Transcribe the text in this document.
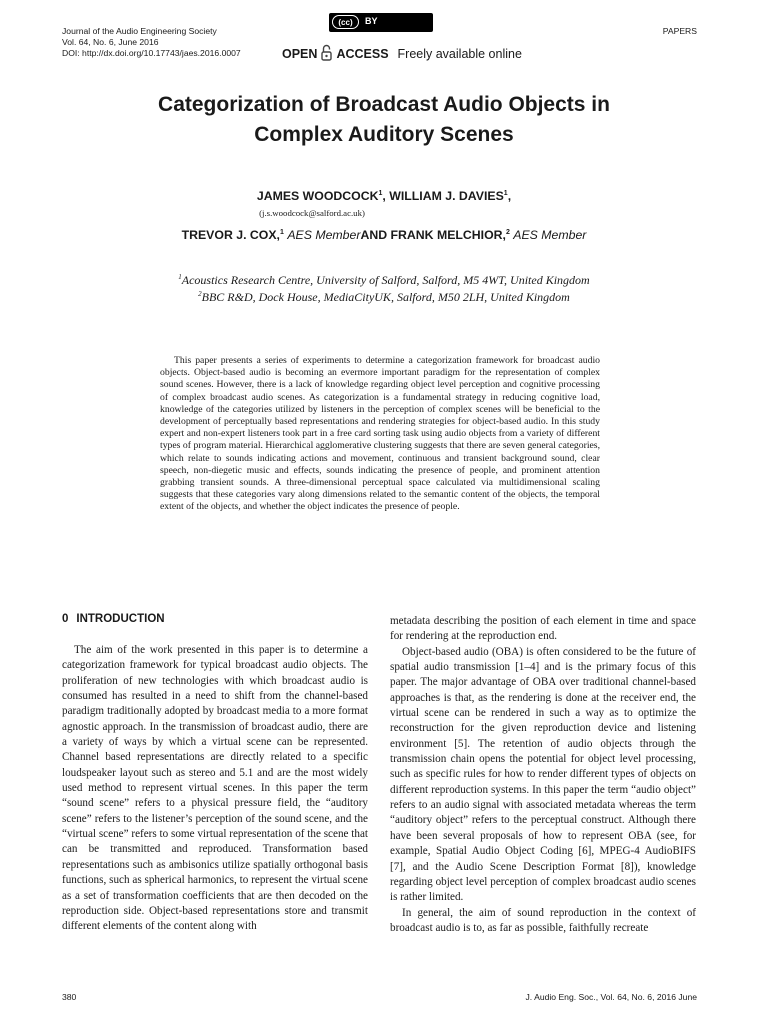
Journal of the Audio Engineering Society
Vol. 64, No. 6, June 2016
DOI: http://dx.doi.org/10.17743/jaes.2016.0007
(cc)	BY
OPEN ACCESS Freely available online
PAPERS
Categorization of Broadcast Audio Objects in
Complex Auditory Scenes
JAMES WOODCOCK$^1$, WILLIAM J. DAVIES$^1$,
(j.s.woodcock@salford.ac.uk)
TREVOR J. COX,$^1$ AES MemberAND FRANK MELCHIOR,$^2$ AES Member
$^1$Acoustics Research Centre, University of Salford, Salford, M5 4WT, United Kingdom
$^2$BBC R&D, Dock House, MediaCityUK, Salford, M50 2LH, United Kingdom

This paper presents a series of experiments to determine a categorization framework for broadcast audio objects. Object-based audio is becoming an evermore important paradigm for the representation of complex sound scenes. However, there is a lack of knowledge regarding object level perception and cognitive processing of complex broadcast audio scenes. As categorization is a fundamental strategy in reducing cognitive load, knowledge of the categories utilized by listeners in the perception of complex scenes will be beneficial to the development of perceptually based representations and rendering strategies for object-based audio. In this study expert and non-expert listeners took part in a free card sorting task using audio objects from a variety of different types of program material. Hierarchical agglomerative clustering suggests that there are seven general categories, which relate to sounds indicating actions and movement, continuous and transient background sound, clear speech, non-diegetic music and effects, sounds indicating the presence of people, and prominent attention grabbing transient sounds. A three-dimensional perceptual space calculated via multidimensional scaling suggests that these categories vary along dimensions related to the semantic content of the objects, the temporal extent of the objects, and whether the object indicates the presence of people.

0 INTRODUCTION

The aim of the work presented in this paper is to determine a categorization framework for typical broadcast audio objects. The proliferation of new technologies with which broadcast audio is consumed has resulted in a need to shift from the channel-based paradigm traditionally adopted by broadcast media to a more format agnostic approach. In the transmission of broadcast audio, there are a variety of ways by which a virtual scene can be represented. Channel based representations are directly related to a specific loudspeaker layout such as stereo and 5.1 and are the most widely used method to represent virtual scenes. In this paper the term “sound scene” refers to a physical pressure field, the “auditory scene” refers to the listener’s perception of the sound scene, and the “virtual scene” refers to some virtual representation of the scene that can be transmitted and reproduced. Transformation based representations such as ambisonics utilize spatially orthogonal basis functions, such as spherical harmonics, to represent the virtual scene as a set of transformation coefficients that are then decoded on the reproduction side. Object-based representations store and transmit different elements of the content along with

metadata describing the position of each element in time and space for rendering at the reproduction end.

Object-based audio (OBA) is often considered to be the future of spatial audio transmission [1–4] and is the primary focus of this paper. The major advantage of OBA over traditional channel-based approaches is that, as the rendering is done at the receiver end, the virtual scene can be rendered in such a way as to optimize the reconstruction for the given reproduction device and listening environment [5]. The retention of audio objects through the transmission chain opens the potential for object level processing, such as specific rules for how to render different types of objects on different reproduction systems. In this paper the term “audio object” refers to an audio signal with associated metadata whereas the term “auditory object” refers to the perceptual construct. Although there have been several proposals of how to represent OBA (see, for example, Spatial Audio Object Coding [6], MPEG-4 AudioBIFS [7], and the Audio Scene Description Format [8]), knowledge regarding object level perception of complex broadcast audio scenes is rather limited.

In general, the aim of sound reproduction in the context of broadcast audio is to, as far as possible, faithfully recreate

380	J. Audio Eng. Soc., Vol. 64, No. 6, 2016 June
